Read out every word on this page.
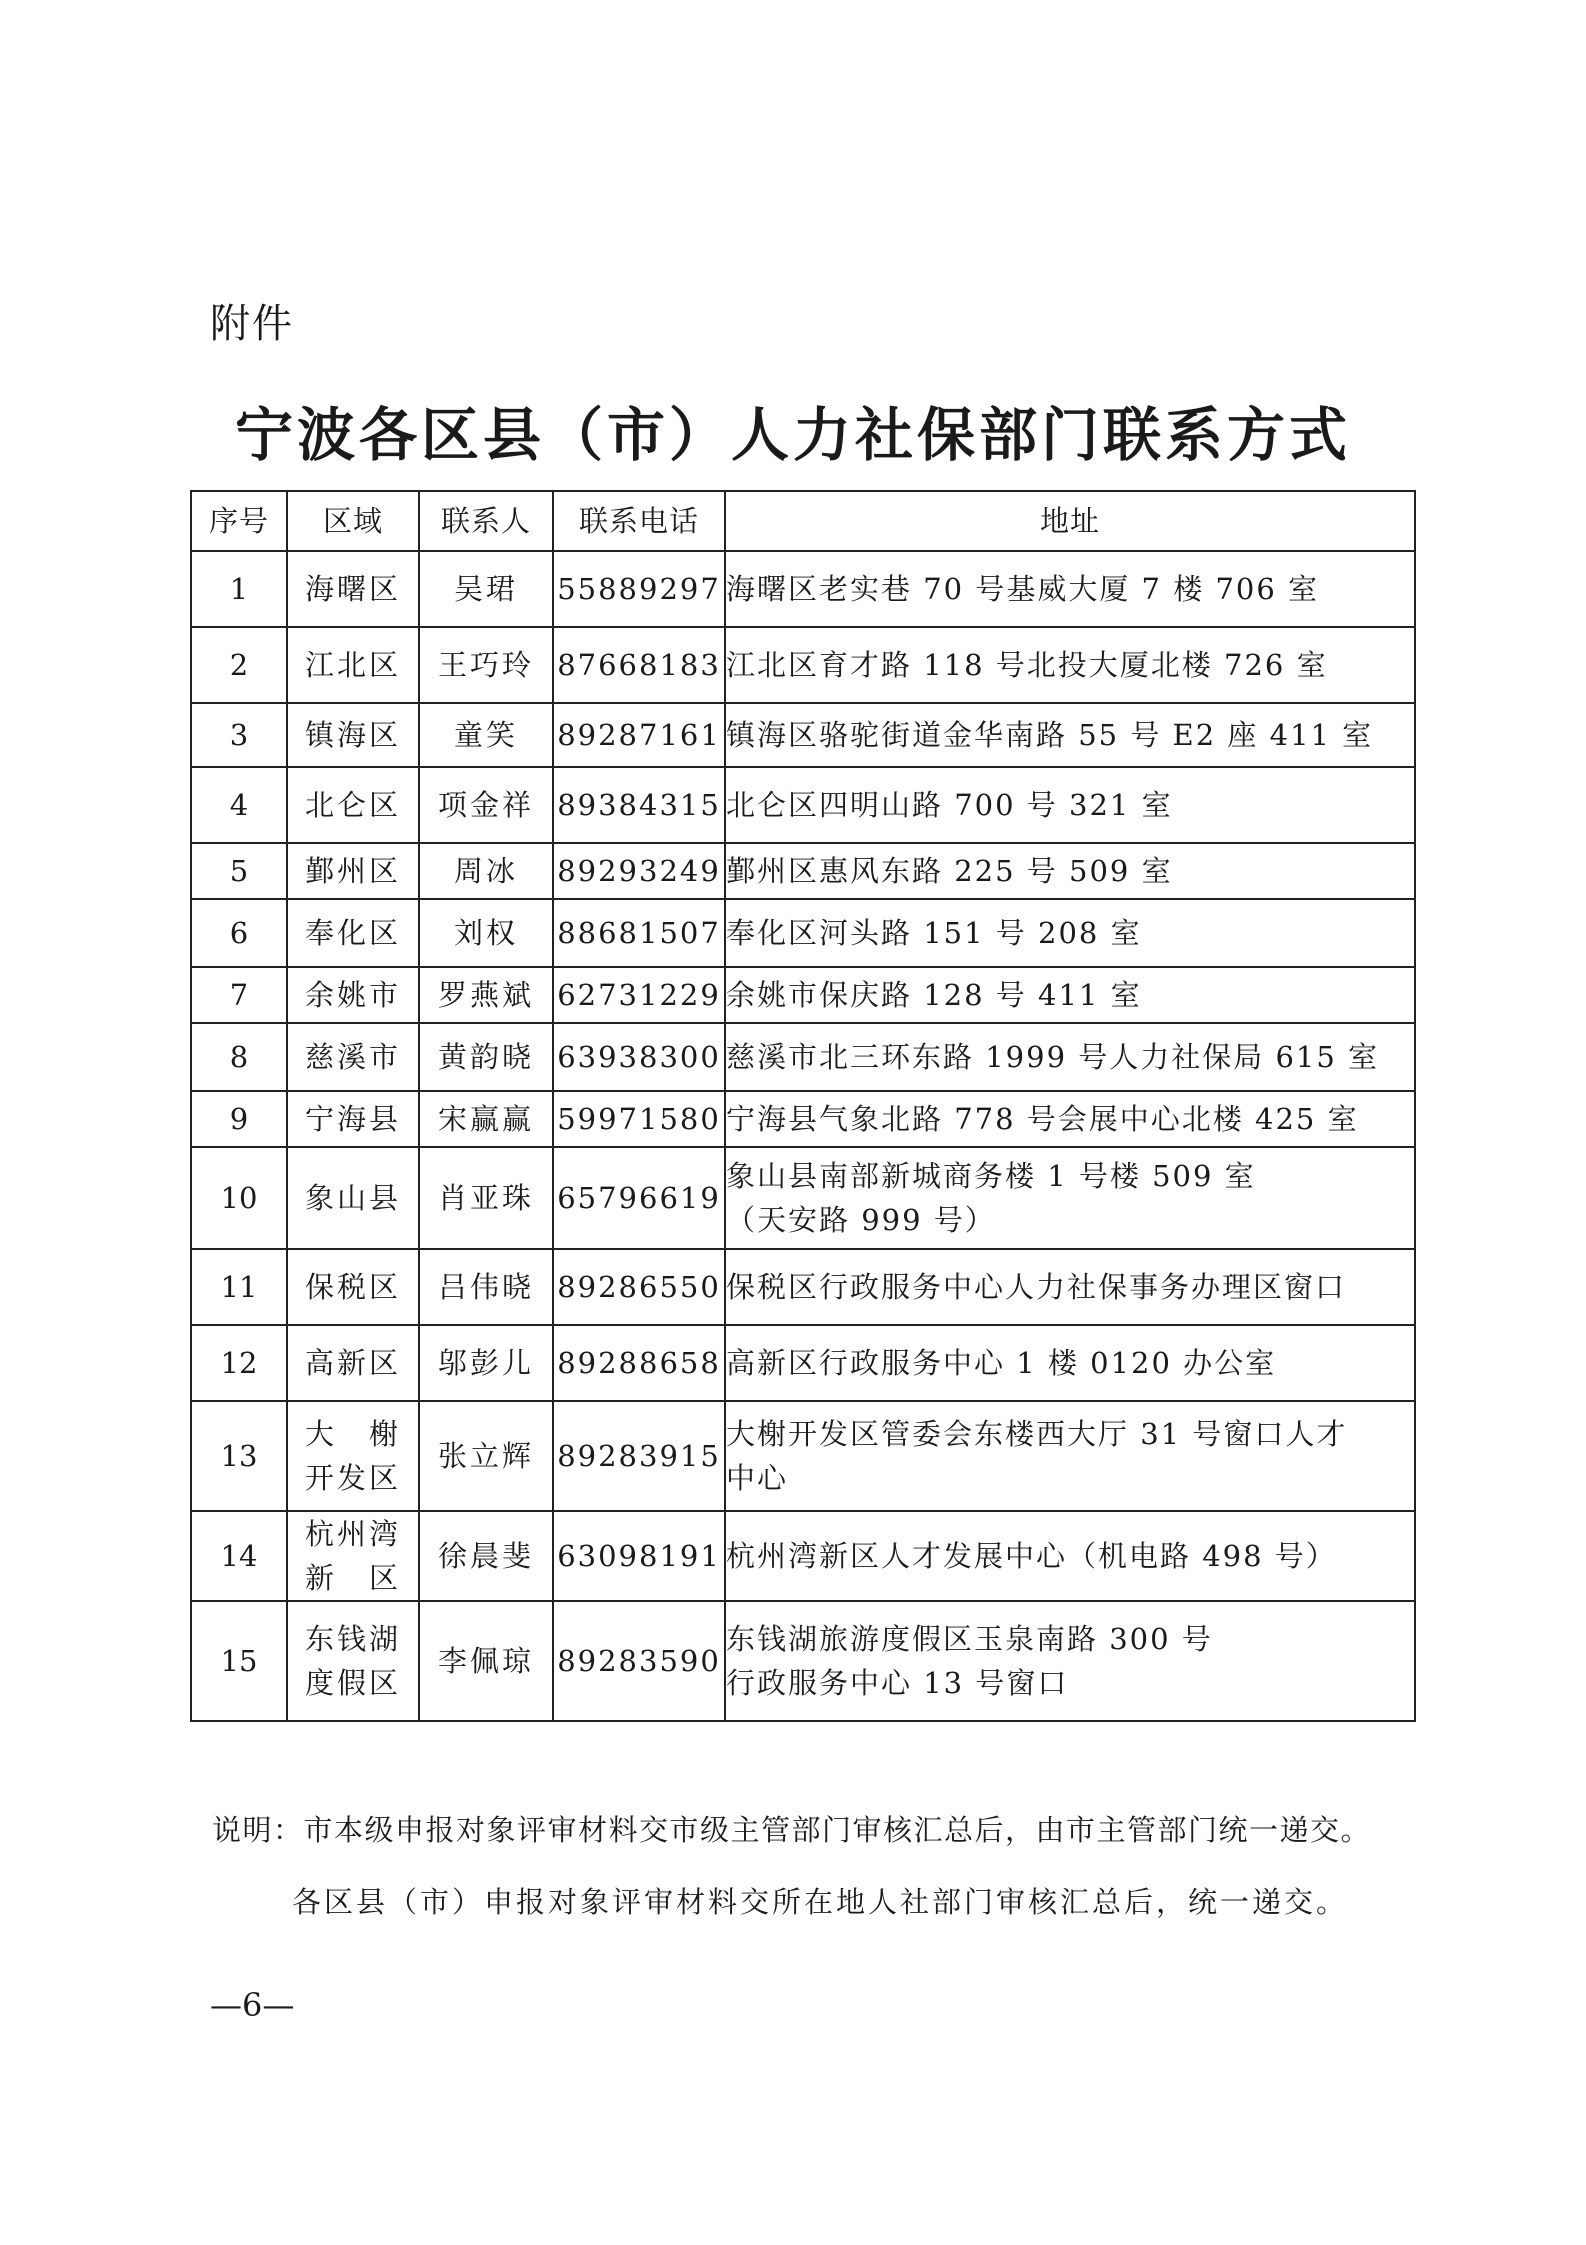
附件
宁波各区县（市）人力社保部门联系方式
序号	区域	联系人	联系电话	地址
1	海曙区	吴珺	55889297	海曙区老实巷 70 号基威大厦 7 楼 706 室

2	江北区	王巧玲	87668183	江北区育才路 118 号北投大厦北楼 726 室

3	镇海区	童笑	89287161	镇海区骆驼街道金华南路 55 号 E2 座 411 室

4	北仑区	项金祥	89384315	北仑区四明山路 700 号 321 室

5	鄞州区	周冰	89293249	鄞州区惠风东路 225 号 509 室

6	奉化区	刘权	88681507	奉化区河头路 151 号 208 室

7	余姚市	罗燕斌	62731229	余姚市保庆路 128 号 411 室

8	慈溪市	黄韵晓	63938300	慈溪市北三环东路 1999 号人力社保局 615 室

9	宁海县	宋赢赢	59971580	宁海县气象北路 778 号会展中心北楼 425 室

10	象山县	肖亚珠	65796619	象山县南部新城商务楼 1 号楼 509 室
（天安路 999 号）

11	保税区	吕伟晓	89286550	保税区行政服务中心人力社保事务办理区窗口

12	高新区	邬彭儿	89288658	高新区行政服务中心 1 楼 0120 办公室

13	大　榭
开发区	张立辉	89283915	大榭开发区管委会东楼西大厅 31 号窗口人才
中心

14	杭州湾
新　区	徐晨斐	63098191	杭州湾新区人才发展中心（机电路 498 号）

15	东钱湖
度假区	李佩琼	89283590	东钱湖旅游度假区玉泉南路 300 号
行政服务中心 13 号窗口
说明：市本级申报对象评审材料交市级主管部门审核汇总后，由市主管部门统一递交。
各区县（市）申报对象评审材料交所在地人社部门审核汇总后，统一递交。
—6—
